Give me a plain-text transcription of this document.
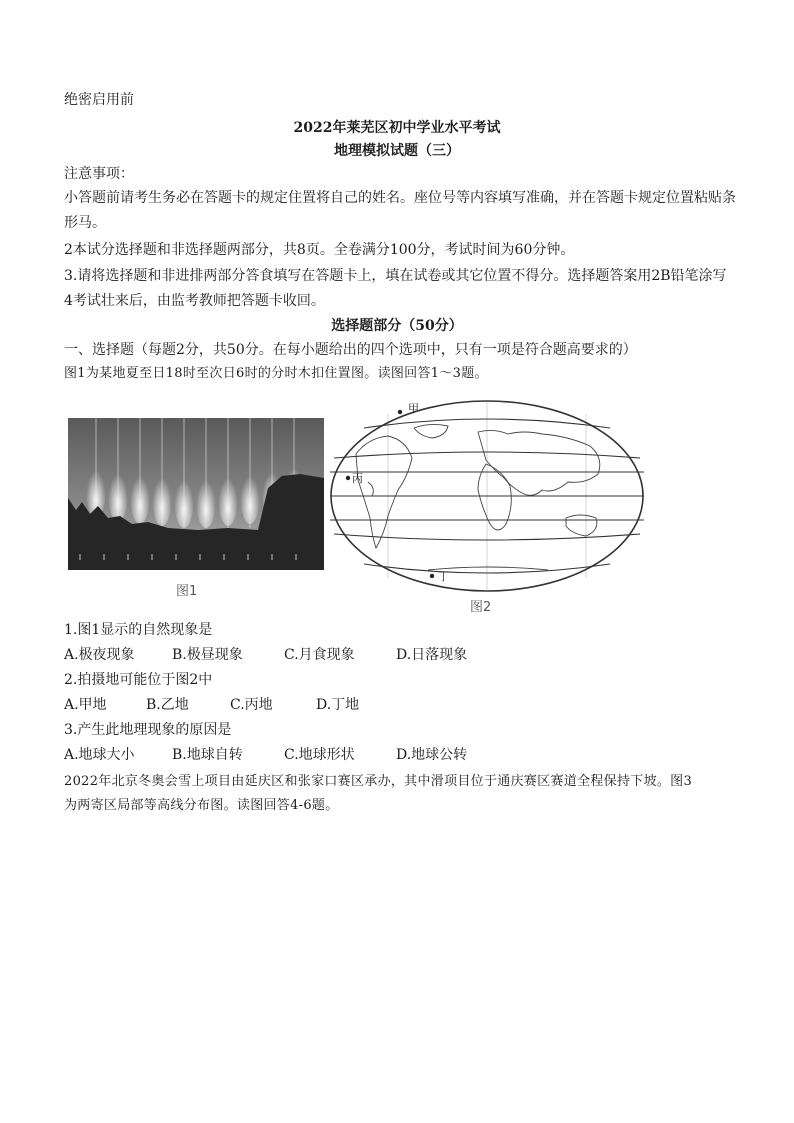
绝密启用前
2022年莱芜区初中学业水平考试
地理模拟试题（三）
注意事项：
小答题前请考生务必在答题卡的规定住置将自己的姓名。座位号等内容填写准确，并在答题卡规定位置粘贴条
形马。
2本试分选择题和非选择题两部分，共8页。全卷满分100分，考试时间为60分钟。
3.请将选择题和非进排两部分答食填写在答题卡上，填在试卷或其它位置不得分。选择题答案用2B铅笔涂写
4考试壮来后，由监考教师把答题卡收回。
选择题部分（50分）
一、选择题（每题2分，共50分。在每小题给出的四个选项中，只有一项是符合题高要求的）
图1为某地夏至日18时至次日6时的分时木扣住置图。读图回答1～3题。
图1
甲
丙
丁
图2
1.图1显示的自然现象是
A.极夜现象	B.极昼现象	C.月食现象	D.日落现象
2.拍摄地可能位于图2中
A.甲地	B.乙地	C.丙地	D.丁地
3.产生此地理现象的原因是
A.地球大小	B.地球自转	C.地球形状	D.地球公转
2022年北京冬奥会雪上项目由延庆区和张家口赛区承办，其中滑项目位于通庆赛区赛道全程保持下坡。图3
为两寄区局部等高线分布图。读图回答4-6题。
